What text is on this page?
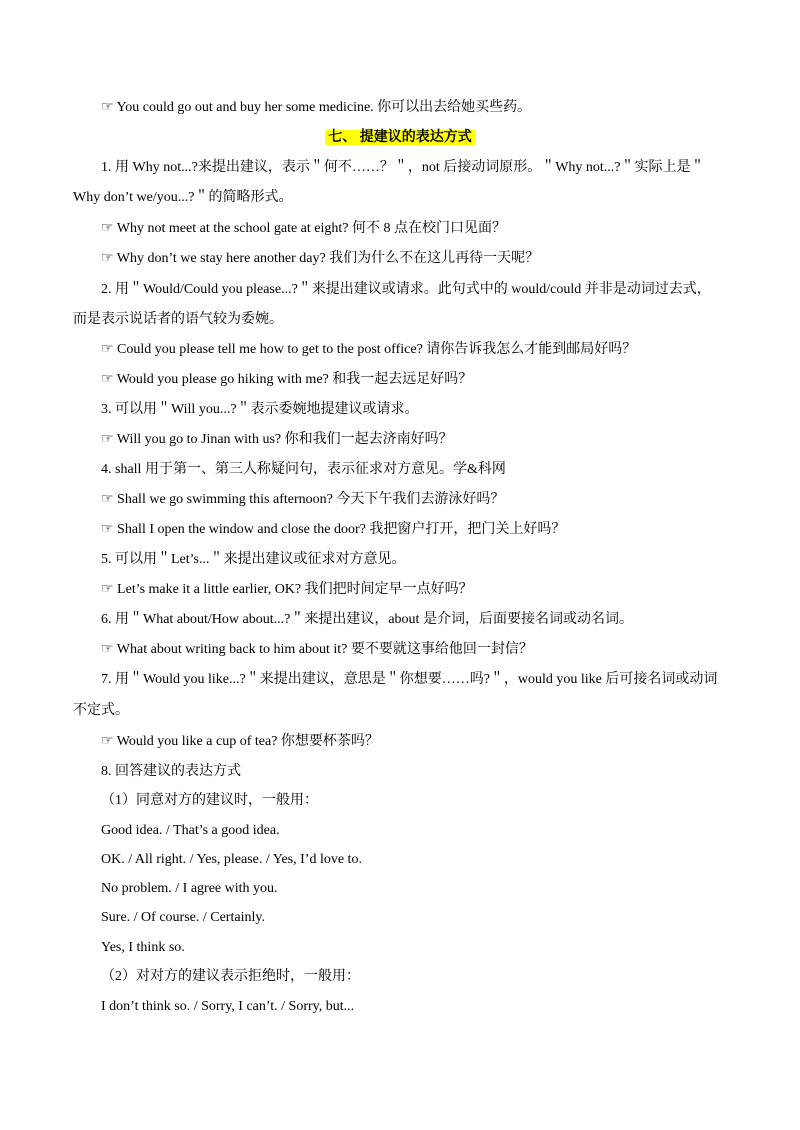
☞ You could go out and buy her some medicine. 你可以出去给她买些药。
七、 提建议的表达方式
1. 用 Why not...?来提出建议，表示＂何不……？＂，not 后接动词原形。＂Why not...?＂实际上是＂
Why don’t we/you...?＂的简略形式。
☞ Why not meet at the school gate at eight? 何不 8 点在校门口见面？
☞ Why don’t we stay here another day? 我们为什么不在这儿再待一天呢？
2. 用＂Would/Could you please...?＂来提出建议或请求。此句式中的 would/could 并非是动词过去式，
而是表示说话者的语气较为委婉。
☞ Could you please tell me how to get to the post office? 请你告诉我怎么才能到邮局好吗？
☞ Would you please go hiking with me? 和我一起去远足好吗？
3. 可以用＂Will you...?＂表示委婉地提建议或请求。
☞ Will you go to Jinan with us? 你和我们一起去济南好吗？
4. shall 用于第一、第三人称疑问句，表示征求对方意见。学&科网
☞ Shall we go swimming this afternoon? 今天下午我们去游泳好吗？
☞ Shall I open the window and close the door? 我把窗户打开，把门关上好吗？
5. 可以用＂Let’s...＂来提出建议或征求对方意见。
☞ Let’s make it a little earlier, OK? 我们把时间定早一点好吗？
6. 用＂What about/How about...?＂来提出建议，about 是介词，后面要接名词或动名词。
☞ What about writing back to him about it? 要不要就这事给他回一封信？
7. 用＂Would you like...?＂来提出建议，意思是＂你想要……吗?＂，would you like 后可接名词或动词
不定式。
☞ Would you like a cup of tea? 你想要杯茶吗？
8. 回答建议的表达方式
（1）同意对方的建议时，一般用：
Good idea. / That’s a good idea.
OK. / All right. / Yes, please. / Yes, I’d love to.
No problem. / I agree with you.
Sure. / Of course. / Certainly.
Yes, I think so.
（2）对对方的建议表示拒绝时，一般用：
I don’t think so. / Sorry, I can’t. / Sorry, but...
